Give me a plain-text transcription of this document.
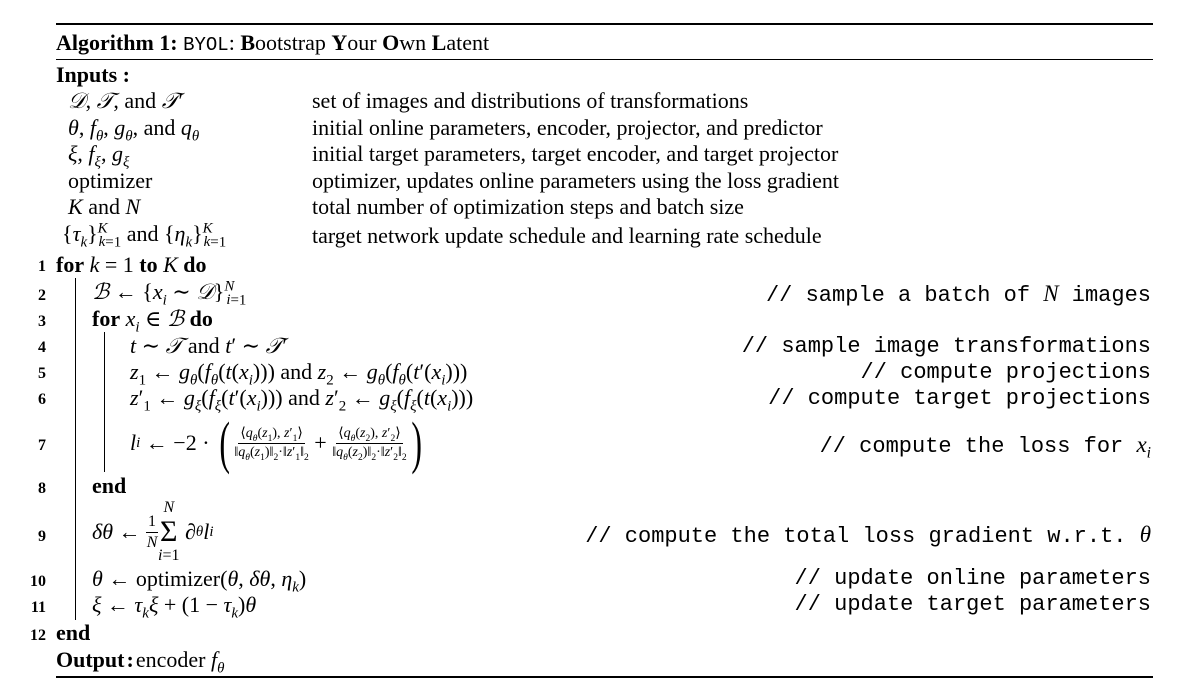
Algorithm 1: BYOL: Bootstrap Your Own Latent
Inputs :
𝒟, 𝒯, and 𝒯′	set of images and distributions of transformations
θ, $f_\theta$, $g_\theta$, and $q_\theta$	initial online parameters, encoder, projector, and predictor
ξ, $f_\xi$, $g_\xi$	initial target parameters, target encoder, and target projector
optimizer	optimizer, updates online parameters using the loss gradient
K and N	total number of optimization steps and batch size
$\{\tau_k\}^K_{k=1}$ and $\{\eta_k\}^K_{k=1}$	target network update schedule and learning rate schedule
1 for k = 1 to K do
2 ℬ ← {$x_i$ ∼ 𝒟}$^N_{i=1}$	// sample a batch of N images
3 for $x_i$ ∈ ℬ do
4	t ∼ 𝒯 and t′ ∼ 𝒯′	// sample image transformations
5	$z_1$ ← $g_\theta(f_\theta(t(x_i)))$ and $z_2$ ← $g_\theta(f_\theta(t'(x_i)))$	// compute projections
6	$z'_1$ ← $g_\xi(f_\xi(t'(x_i)))$ and $z'_2$ ← $g_\xi(f_\xi(t(x_i)))$	// compute target projections
7	l i ← −2 · ( $\frac{⟨q_\theta(z_1), z'_1⟩}{‖q_\theta(z_1)‖_2\cdot‖z'_1‖_2} + \frac{⟨q_\theta(z_2), z'_2⟩}{‖q_\theta(z_2)‖_2\cdot‖z'_2‖_2}$ )	// compute the loss for $x_i$
8 end
9 δθ ← $\frac{1}{N}$
N
Σ
i=1

∂ θ l i	// compute the total loss gradient w.r.t. θ
10 θ ← optimizer(θ, δθ, $\eta_k$)	// update online parameters
11 ξ ← $\tau_k\xi + (1 - \tau_k)\theta$	// update target parameters
12 end
Output:encoder $f_\theta$
